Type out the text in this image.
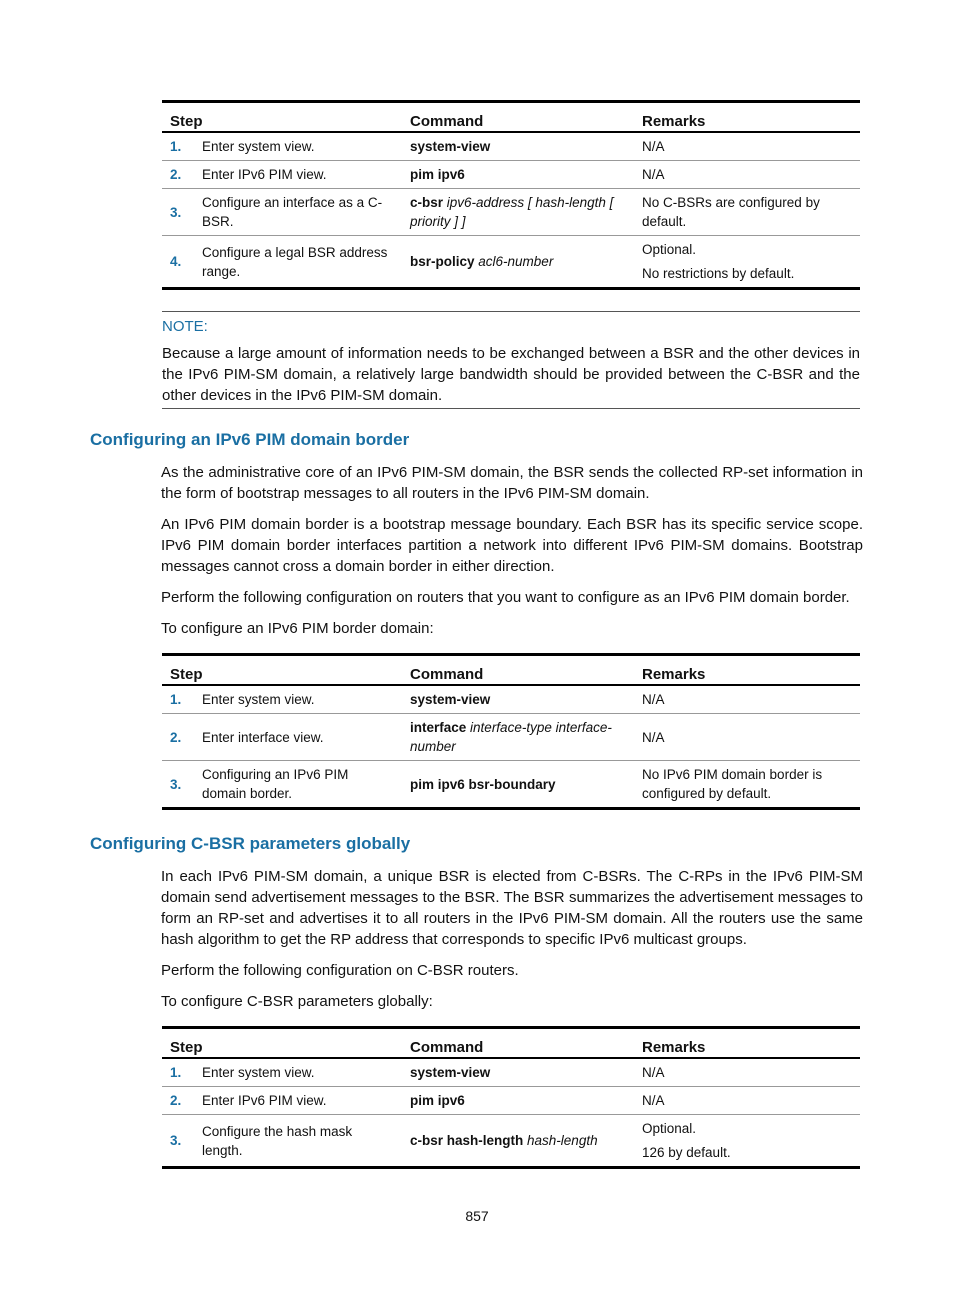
Step		Command	Remarks
1.	Enter system view.	system-view	N/A

2.	Enter IPv6 PIM view.	pim ipv6	N/A

3.	Configure an interface as a C-BSR.	c-bsr ipv6-address [ hash-length [ priority ] ]	No C-BSRs are configured by default.

4.	Configure a legal BSR address range.	bsr-policy acl6-number	Optional.
No restrictions by default.
NOTE:

Because a large amount of information needs to be exchanged between a BSR and the other devices in the IPv6 PIM-SM domain, a relatively large bandwidth should be provided between the C-BSR and the other devices in the IPv6 PIM-SM domain.

Configuring an IPv6 PIM domain border

As the administrative core of an IPv6 PIM-SM domain, the BSR sends the collected RP-set information in the form of bootstrap messages to all routers in the IPv6 PIM-SM domain.

An IPv6 PIM domain border is a bootstrap message boundary. Each BSR has its specific service scope. IPv6 PIM domain border interfaces partition a network into different IPv6 PIM-SM domains. Bootstrap messages cannot cross a domain border in either direction.

Perform the following configuration on routers that you want to configure as an IPv6 PIM domain border.

To configure an IPv6 PIM border domain:

Step		Command	Remarks
1.	Enter system view.	system-view	N/A

2.	Enter interface view.	interface interface-type interface-number	N/A

3.	Configuring an IPv6 PIM domain border.	pim ipv6 bsr-boundary	No IPv6 PIM domain border is configured by default.
Configuring C-BSR parameters globally

In each IPv6 PIM-SM domain, a unique BSR is elected from C-BSRs. The C-RPs in the IPv6 PIM-SM domain send advertisement messages to the BSR. The BSR summarizes the advertisement messages to form an RP-set and advertises it to all routers in the IPv6 PIM-SM domain. All the routers use the same hash algorithm to get the RP address that corresponds to specific IPv6 multicast groups.

Perform the following configuration on C-BSR routers.

To configure C-BSR parameters globally:

Step		Command	Remarks
1.	Enter system view.	system-view	N/A

2.	Enter IPv6 PIM view.	pim ipv6	N/A

3.	Configure the hash mask length.	c-bsr hash-length hash-length	Optional.
126 by default.
857
